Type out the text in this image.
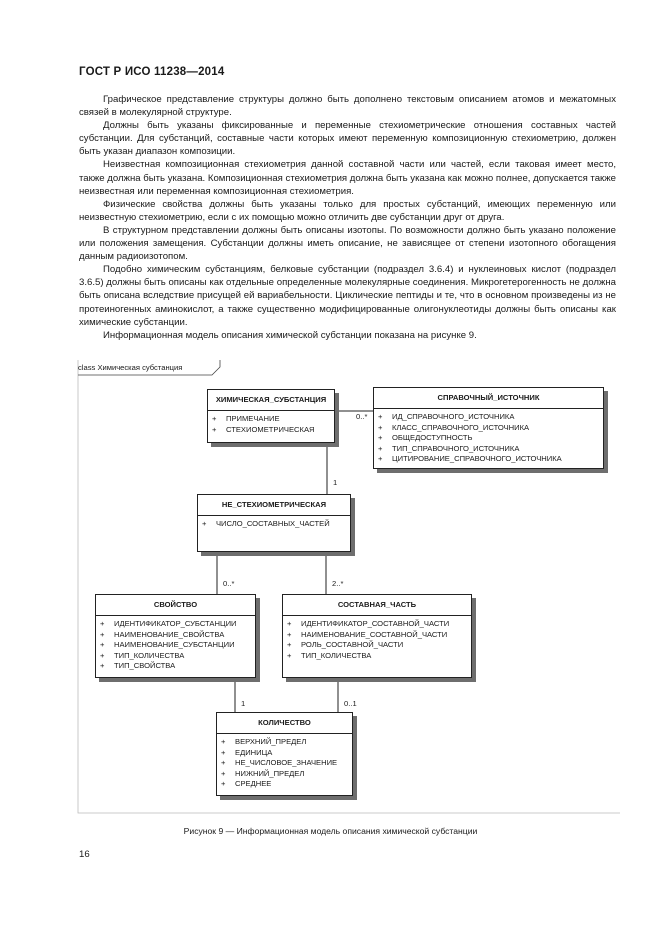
ГОСТ Р ИСО 11238—2014

Графическое представление структуры должно быть дополнено текстовым описанием атомов и межатомных связей в молекулярной структуре.

Должны быть указаны фиксированные и переменные стехиометрические отношения составных частей субстанции. Для субстанций, составные части которых имеют переменную композиционную стехиометрию, должен быть указан диапазон композиции.

Неизвестная композиционная стехиометрия данной составной части или частей, если таковая имеет место, также должна быть указана. Композиционная стехиометрия должна быть указана как можно полнее, допускается также неизвестная или переменная композиционная стехиометрия.

Физические свойства должны быть указаны только для простых субстанций, имеющих переменную или неизвестную стехиометрию, если с их помощью можно отличить две субстанции друг от друга.

В структурном представлении должны быть описаны изотопы. По возможности должно быть указано положение или положения замещения. Субстанции должны иметь описание, не зависящее от степени изотопного обогащения данным радиоизотопом.

Подобно химическим субстанциям, белковые субстанции (подраздел 3.6.4) и нуклеиновых кислот (подраздел 3.6.5) должны быть описаны как отдельные определенные молекулярные соединения. Микрогетерогенность не должна быть описана вследствие присущей ей вариабельности. Циклические пептиды и те, что в основном произведены из не протеиногенных аминокислот, а также существенно модифицированные олигонуклеотиды должны быть описаны как химические субстанции.

Информационная модель описания химической субстанции показана на рисунке 9.

class Химическая субстанция
ХИМИЧЕСКАЯ_СУБСТАНЦИЯ
+ ПРИМЕЧАНИЕ
+ СТЕХИОМЕТРИЧЕСКАЯ
СПРАВОЧНЫЙ_ИСТОЧНИК
+ ИД_СПРАВОЧНОГО_ИСТОЧНИКА
+ КЛАСС_СПРАВОЧНОГО_ИСТОЧНИКА
+ ОБЩЕДОСТУПНОСТЬ
+ ТИП_СПРАВОЧНОГО_ИСТОЧНИКА
+ ЦИТИРОВАНИЕ_СПРАВОЧНОГО_ИСТОЧНИКА
НЕ_СТЕХИОМЕТРИЧЕСКАЯ
+ ЧИСЛО_СОСТАВНЫХ_ЧАСТЕЙ
СВОЙСТВО
+ ИДЕНТИФИКАТОР_СУБСТАНЦИИ
+ НАИМЕНОВАНИЕ_СВОЙСТВА
+ НАИМЕНОВАНИЕ_СУБСТАНЦИИ
+ ТИП_КОЛИЧЕСТВА
+ ТИП_СВОЙСТВА
СОСТАВНАЯ_ЧАСТЬ
+ ИДЕНТИФИКАТОР_СОСТАВНОЙ_ЧАСТИ
+ НАИМЕНОВАНИЕ_СОСТАВНОЙ_ЧАСТИ
+ РОЛЬ_СОСТАВНОЙ_ЧАСТИ
+ ТИП_КОЛИЧЕСТВА
КОЛИЧЕСТВО
+ ВЕРХНИЙ_ПРЕДЕЛ
+ ЕДИНИЦА
+ НЕ_ЧИСЛОВОЕ_ЗНАЧЕНИЕ
+ НИЖНИЙ_ПРЕДЕЛ
+ СРЕДНЕЕ
0..*
1
0..*	2..*
1	0..1
Рисунок 9 — Информационная модель описания химической субстанции
16
